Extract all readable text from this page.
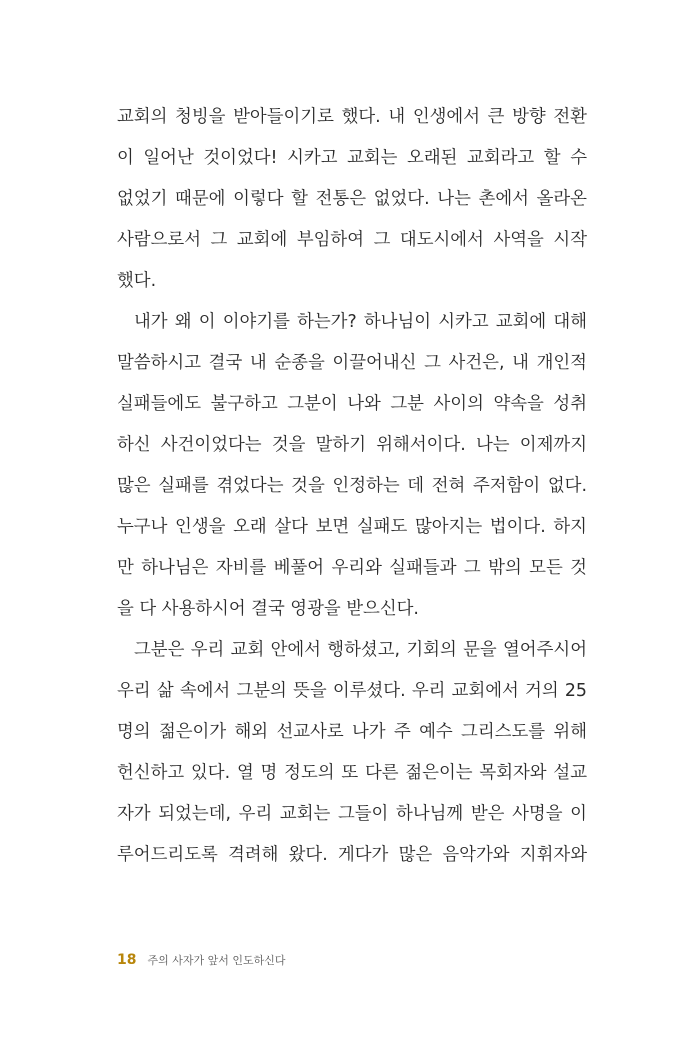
교회의 청빙을 받아들이기로 했다. 내 인생에서 큰 방향 전환
이 일어난 것이었다! 시카고 교회는 오래된 교회라고 할 수
없었기 때문에 이렇다 할 전통은 없었다. 나는 촌에서 올라온
사람으로서 그 교회에 부임하여 그 대도시에서 사역을 시작
했다.

내가 왜 이 이야기를 하는가? 하나님이 시카고 교회에 대해
말씀하시고 결국 내 순종을 이끌어내신 그 사건은, 내 개인적
실패들에도 불구하고 그분이 나와 그분 사이의 약속을 성취
하신 사건이었다는 것을 말하기 위해서이다. 나는 이제까지
많은 실패를 겪었다는 것을 인정하는 데 전혀 주저함이 없다.
누구나 인생을 오래 살다 보면 실패도 많아지는 법이다. 하지
만 하나님은 자비를 베풀어 우리와 실패들과 그 밖의 모든 것
을 다 사용하시어 결국 영광을 받으신다.

그분은 우리 교회 안에서 행하셨고, 기회의 문을 열어주시어
우리 삶 속에서 그분의 뜻을 이루셨다. 우리 교회에서 거의 25
명의 젊은이가 해외 선교사로 나가 주 예수 그리스도를 위해
헌신하고 있다. 열 명 정도의 또 다른 젊은이는 목회자와 설교
자가 되었는데, 우리 교회는 그들이 하나님께 받은 사명을 이
루어드리도록 격려해 왔다. 게다가 많은 음악가와 지휘자와

18 주의 사자가 앞서 인도하신다
